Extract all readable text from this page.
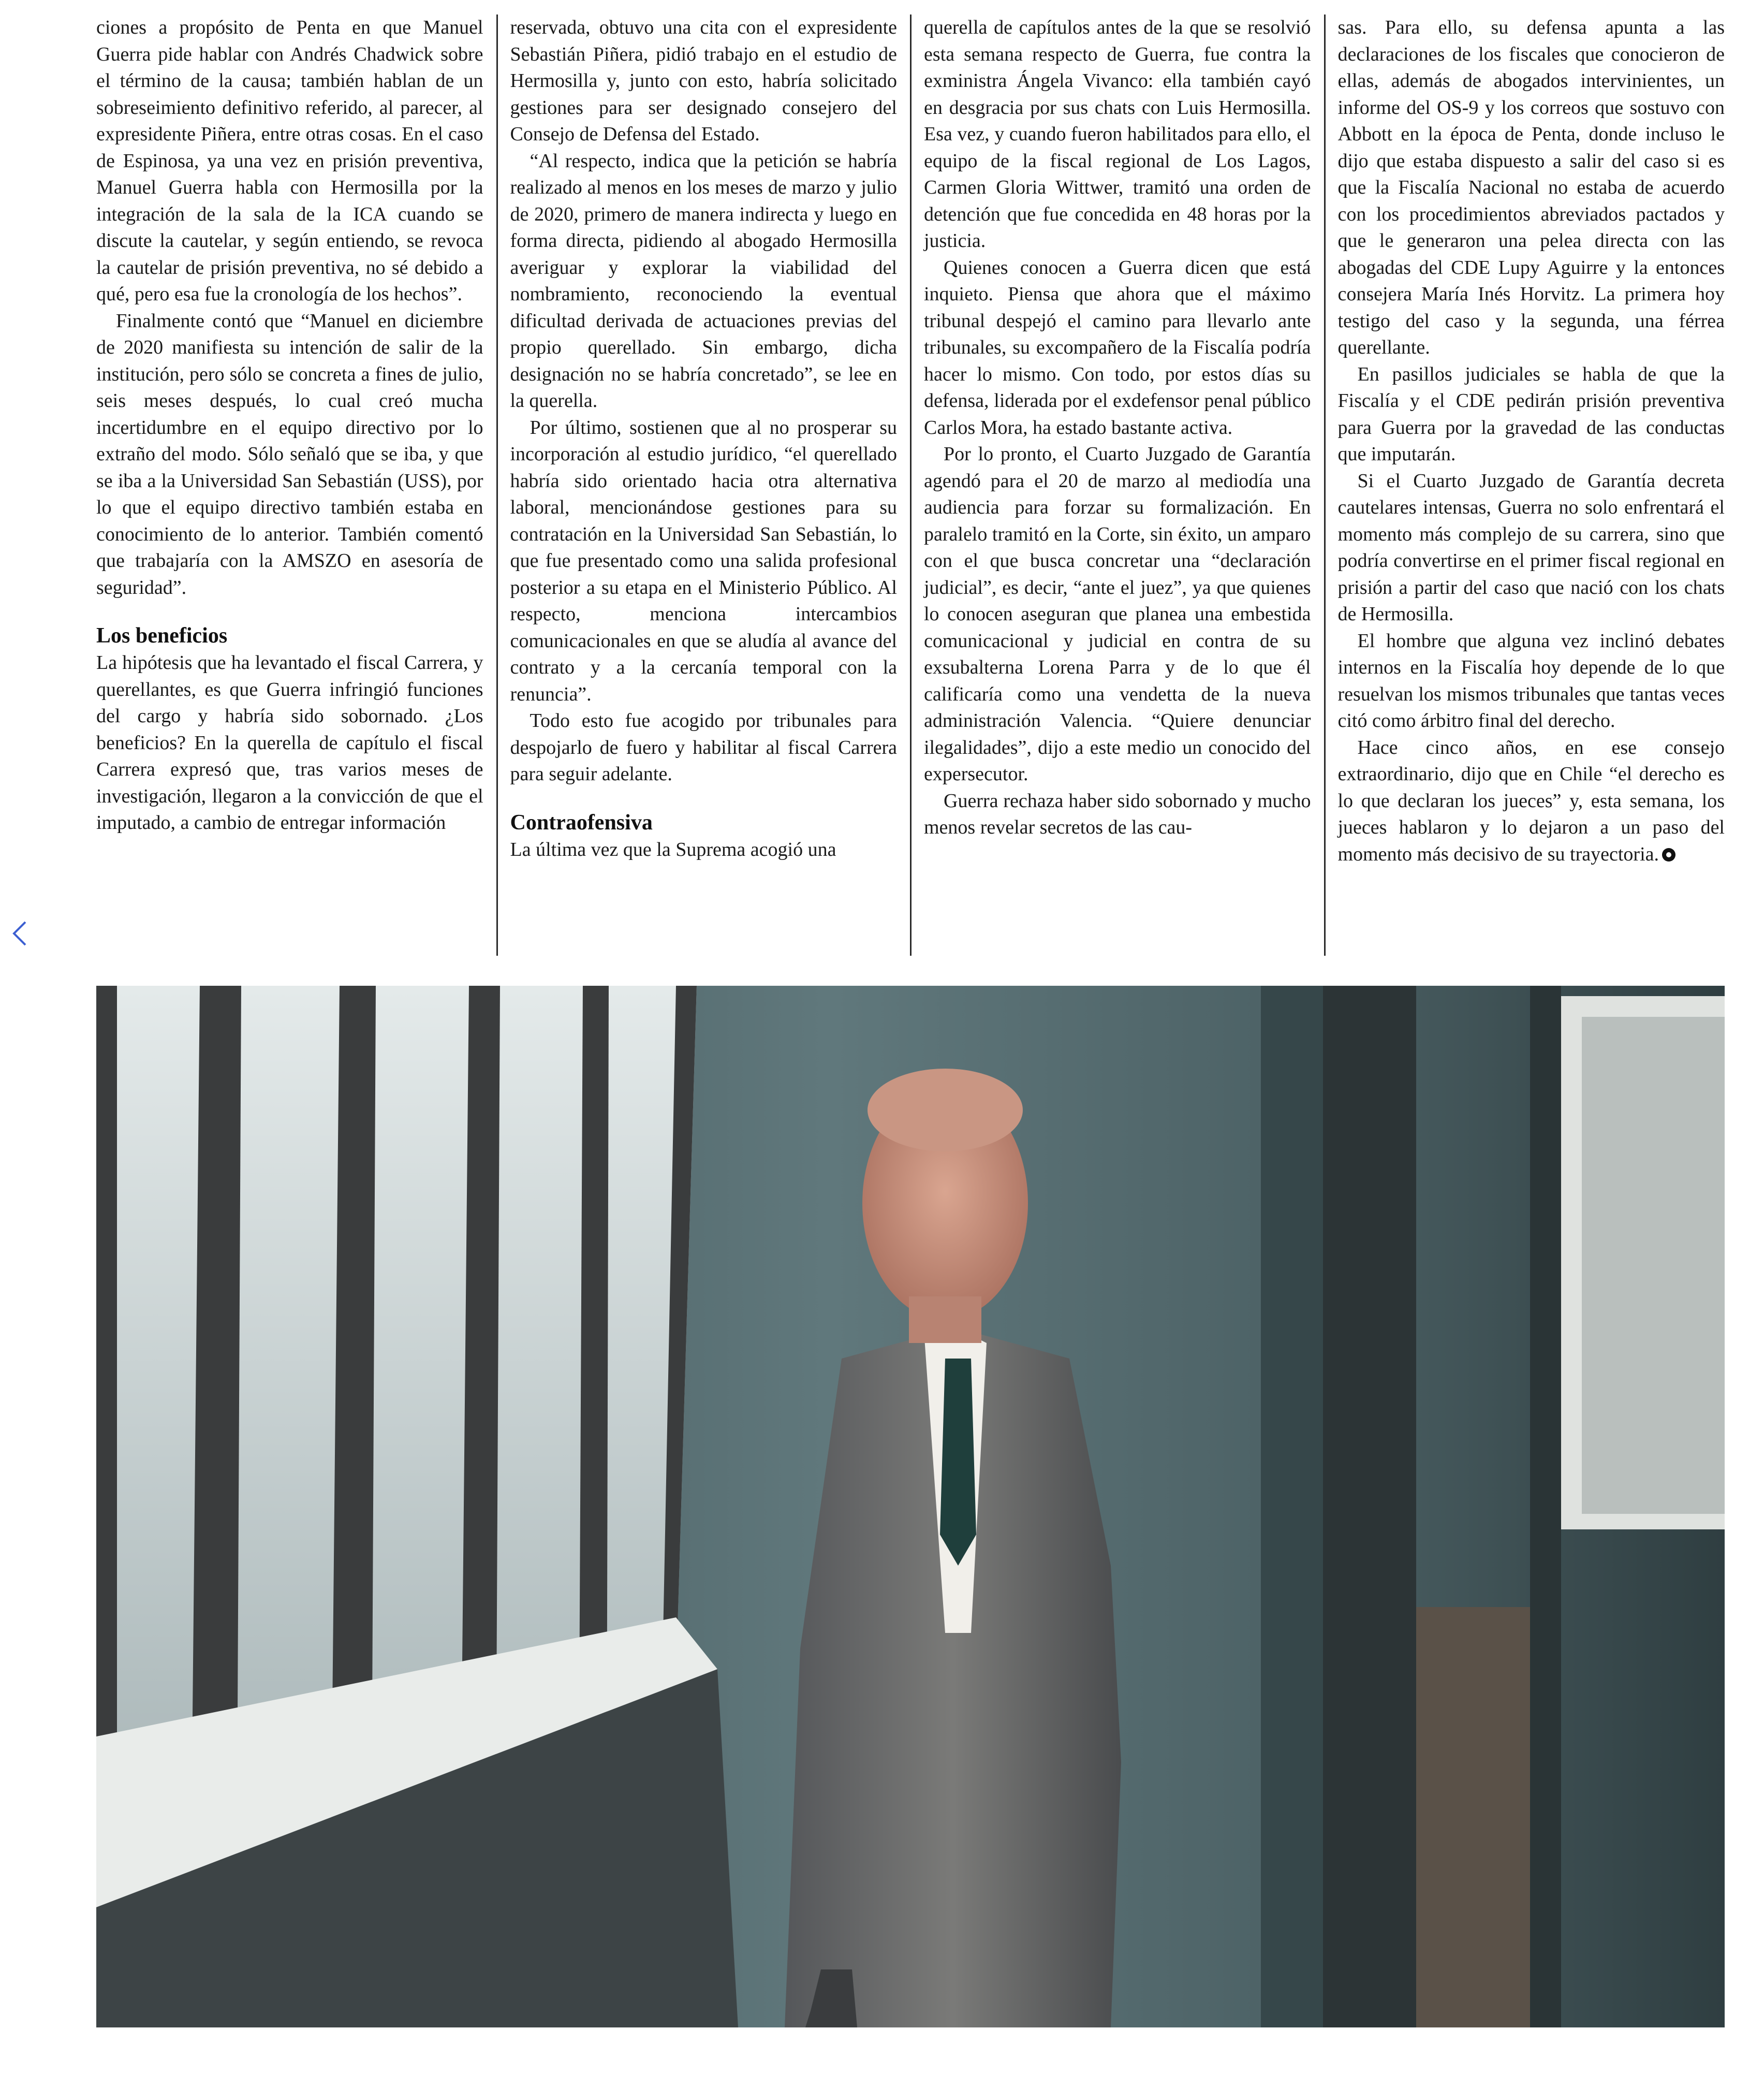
ciones a propósito de Penta en que Manuel Guerra pide hablar con Andrés Chadwick sobre el término de la causa; también hablan de un sobreseimiento definitivo referido, al parecer, al expresidente Piñera, entre otras cosas. En el caso de Espinosa, ya una vez en prisión preventiva, Manuel Guerra habla con Hermosilla por la integración de la sala de la ICA cuando se discute la cautelar, y según entiendo, se revoca la cautelar de prisión preventiva, no sé debido a qué, pero esa fue la cronología de los hechos”.

Finalmente contó que “Manuel en diciembre de 2020 manifiesta su intención de salir de la institución, pero sólo se concreta a fines de julio, seis meses después, lo cual creó mucha incertidumbre en el equipo directivo por lo extraño del modo. Sólo señaló que se iba, y que se iba a la Universidad San Sebastián (USS), por lo que el equipo directivo también estaba en conocimiento de lo anterior. También comentó que trabajaría con la AMSZO en asesoría de seguridad”.

Los beneficios

La hipótesis que ha levantado el fiscal Carrera, y querellantes, es que Guerra infringió funciones del cargo y habría sido sobornado. ¿Los beneficios? En la querella de capítulo el fiscal Carrera expresó que, tras varios meses de investigación, llegaron a la convicción de que el imputado, a cambio de entregar información

reservada, obtuvo una cita con el expresidente Sebastián Piñera, pidió trabajo en el estudio de Hermosilla y, junto con esto, habría solicitado gestiones para ser designado consejero del Consejo de Defensa del Estado.

“Al respecto, indica que la petición se habría realizado al menos en los meses de marzo y julio de 2020, primero de manera indirecta y luego en forma directa, pidiendo al abogado Hermosilla averiguar y explorar la viabilidad del nombramiento, reconociendo la eventual dificultad derivada de actuaciones previas del propio querellado. Sin embargo, dicha designación no se habría concretado”, se lee en la querella.

Por último, sostienen que al no prosperar su incorporación al estudio jurídico, “el querellado habría sido orientado hacia otra alternativa laboral, mencionándose gestiones para su contratación en la Universidad San Sebastián, lo que fue presentado como una salida profesional posterior a su etapa en el Ministerio Público. Al respecto, menciona intercambios comunicacionales en que se aludía al avance del contrato y a la cercanía temporal con la renuncia”.

Todo esto fue acogido por tribunales para despojarlo de fuero y habilitar al fiscal Carrera para seguir adelante.

Contraofensiva

La última vez que la Suprema acogió una

querella de capítulos antes de la que se resolvió esta semana respecto de Guerra, fue contra la exministra Ángela Vivanco: ella también cayó en desgracia por sus chats con Luis Hermosilla. Esa vez, y cuando fueron habilitados para ello, el equipo de la fiscal regional de Los Lagos, Carmen Gloria Wittwer, tramitó una orden de detención que fue concedida en 48 horas por la justicia.

Quienes conocen a Guerra dicen que está inquieto. Piensa que ahora que el máximo tribunal despejó el camino para llevarlo ante tribunales, su excompañero de la Fiscalía podría hacer lo mismo. Con todo, por estos días su defensa, liderada por el exdefensor penal público Carlos Mora, ha estado bastante activa.

Por lo pronto, el Cuarto Juzgado de Garantía agendó para el 20 de marzo al mediodía una audiencia para forzar su formalización. En paralelo tramitó en la Corte, sin éxito, un amparo con el que busca concretar una “declaración judicial”, es decir, “ante el juez”, ya que quienes lo conocen aseguran que planea una embestida comunicacional y judicial en contra de su exsubalterna Lorena Parra y de lo que él calificaría como una vendetta de la nueva administración Valencia. “Quiere denunciar ilegalidades”, dijo a este medio un conocido del expersecutor.

Guerra rechaza haber sido sobornado y mucho menos revelar secretos de las cau-

sas. Para ello, su defensa apunta a las declaraciones de los fiscales que conocieron de ellas, además de abogados intervinientes, un informe del OS-9 y los correos que sostuvo con Abbott en la época de Penta, donde incluso le dijo que estaba dispuesto a salir del caso si es que la Fiscalía Nacional no estaba de acuerdo con los procedimientos abreviados pactados y que le generaron una pelea directa con las abogadas del CDE Lupy Aguirre y la entonces consejera María Inés Horvitz. La primera hoy testigo del caso y la segunda, una férrea querellante.

En pasillos judiciales se habla de que la Fiscalía y el CDE pedirán prisión preventiva para Guerra por la gravedad de las conductas que imputarán.

Si el Cuarto Juzgado de Garantía decreta cautelares intensas, Guerra no solo enfrentará el momento más complejo de su carrera, sino que podría convertirse en el primer fiscal regional en prisión a partir del caso que nació con los chats de Hermosilla.

El hombre que alguna vez inclinó debates internos en la Fiscalía hoy depende de lo que resuelvan los mismos tribunales que tantas veces citó como árbitro final del derecho.

Hace cinco años, en ese consejo extraordinario, dijo que en Chile “el derecho es lo que declaran los jueces” y, esta semana, los jueces hablaron y lo dejaron a un paso del momento más decisivo de su trayectoria.
